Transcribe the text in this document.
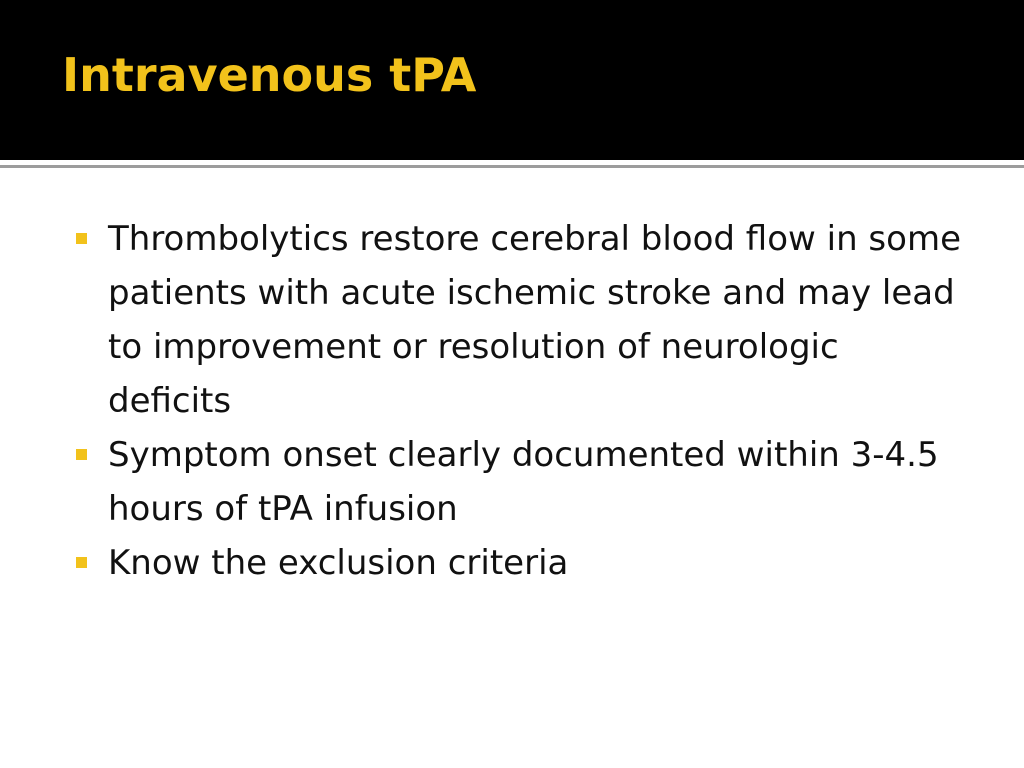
Intravenous tPA
Thrombolytics restore cerebral blood flow in some patients with acute ischemic stroke and may lead to improvement or resolution of neurologic deficits
Symptom onset clearly documented within 3-4.5 hours of tPA infusion
Know the exclusion criteria
